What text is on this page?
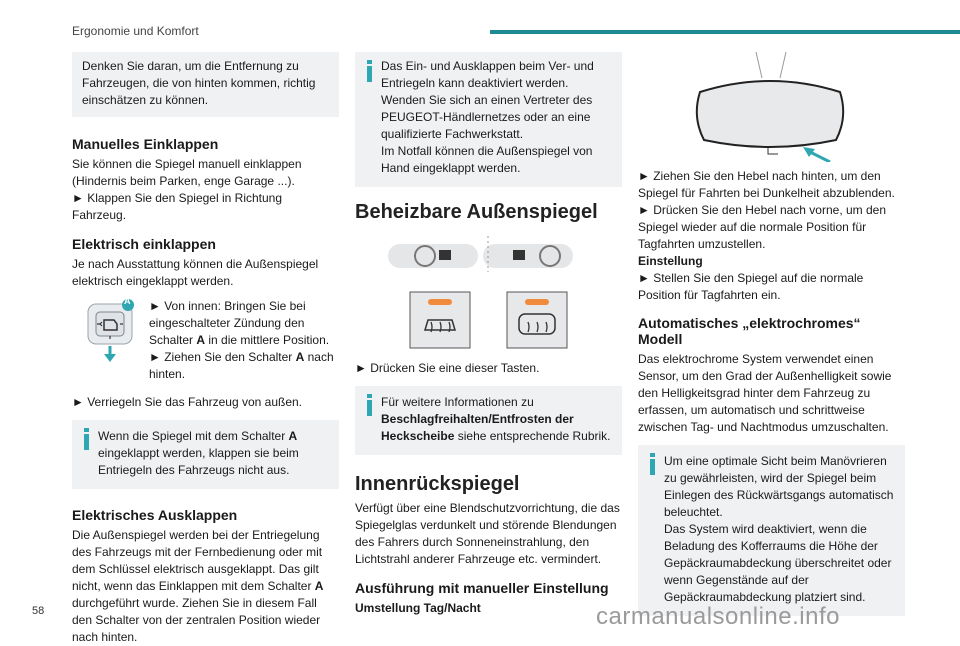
Ergonomie und Komfort

Denken Sie daran, um die Entfernung zu Fahrzeugen, die von hinten kommen, richtig einschätzen zu können.

Manuelles Einklappen

Sie können die Spiegel manuell einklappen (Hindernis beim Parken, enge Garage ...).

► Klappen Sie den Spiegel in Richtung Fahrzeug.

Elektrisch einklappen

Je nach Ausstattung können die Außenspiegel elektrisch eingeklappt werden.

A ► Von innen: Bringen Sie bei eingeschalteter Zündung den Schalter A in die mittlere Position.
► Ziehen Sie den Schalter A nach hinten.

► Verriegeln Sie das Fahrzeug von außen.

Wenn die Spiegel mit dem Schalter A eingeklappt werden, klappen sie beim Entriegeln des Fahrzeugs nicht aus.

Elektrisches Ausklappen

Die Außenspiegel werden bei der Entriegelung des Fahrzeugs mit der Fernbedienung oder mit dem Schlüssel elektrisch ausgeklappt. Das gilt nicht, wenn das Einklappen mit dem Schalter A durchgeführt wurde. Ziehen Sie in diesem Fall den Schalter von der zentralen Position wieder nach hinten.

Das Ein- und Ausklappen beim Ver- und Entriegeln kann deaktiviert werden. Wenden Sie sich an einen Vertreter des PEUGEOT-Händlernetzes oder an eine qualifizierte Fachwerkstatt.
Im Notfall können die Außenspiegel von Hand eingeklappt werden.

Beheizbare Außenspiegel

► Drücken Sie eine dieser Tasten.

Für weitere Informationen zu Beschlagfreihalten/Entfrosten der Heckscheibe siehe entsprechende Rubrik.

Innenrückspiegel

Verfügt über eine Blendschutzvorrichtung, die das Spiegelglas verdunkelt und störende Blendungen des Fahrers durch Sonneneinstrahlung, den Lichtstrahl anderer Fahrzeuge etc. vermindert.

Ausführung mit manueller Einstellung

Umstellung Tag/Nacht

► Ziehen Sie den Hebel nach hinten, um den Spiegel für Fahrten bei Dunkelheit abzublenden.
► Drücken Sie den Hebel nach vorne, um den Spiegel wieder auf die normale Position für Tagfahrten umzustellen.

Einstellung

► Stellen Sie den Spiegel auf die normale Position für Tagfahrten ein.

Automatisches „elektrochromes“ Modell

Das elektrochrome System verwendet einen Sensor, um den Grad der Außenhelligkeit sowie den Helligkeitsgrad hinter dem Fahrzeug zu erfassen, um automatisch und schrittweise zwischen Tag- und Nachtmodus umzuschalten.

Um eine optimale Sicht beim Manövrieren zu gewährleisten, wird der Spiegel beim Einlegen des Rückwärtsgangs automatisch beleuchtet.
Das System wird deaktiviert, wenn die Beladung des Kofferraums die Höhe der Gepäckraumabdeckung überschreitet oder wenn Gegenstände auf der Gepäckraumabdeckung platziert sind.

58	carmanualsonline.info
